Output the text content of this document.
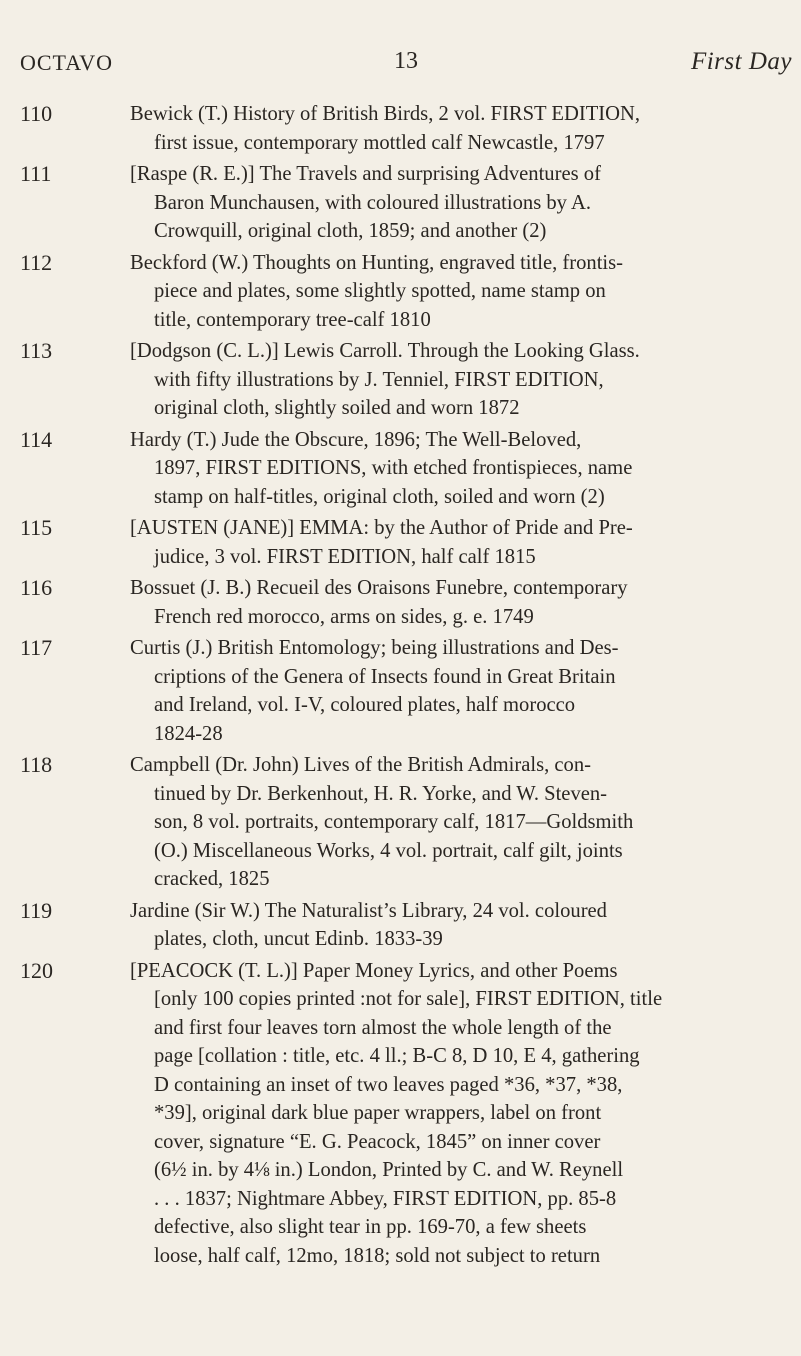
OCTAVO	13	First Day
110	Bewick (T.) History of British Birds, 2 vol. FIRST EDITION,
first issue, contemporary mottled calf Newcastle, 1797
111	[Raspe (R. E.)] The Travels and surprising Adventures of
Baron Munchausen, with coloured illustrations by A.
Crowquill, original cloth, 1859; and another (2)
112	Beckford (W.) Thoughts on Hunting, engraved title, frontis-
piece and plates, some slightly spotted, name stamp on
title, contemporary tree-calf 1810
113	[Dodgson (C. L.)] Lewis Carroll. Through the Looking Glass.
with fifty illustrations by J. Tenniel, FIRST EDITION,
original cloth, slightly soiled and worn 1872
114	Hardy (T.) Jude the Obscure, 1896; The Well-Beloved,
1897, FIRST EDITIONS, with etched frontispieces, name
stamp on half-titles, original cloth, soiled and worn (2)
115	[AUSTEN (JANE)] EMMA: by the Author of Pride and Pre-
judice, 3 vol. FIRST EDITION, half calf 1815
116	Bossuet (J. B.) Recueil des Oraisons Funebre, contemporary
French red morocco, arms on sides, g. e. 1749
117	Curtis (J.) British Entomology; being illustrations and Des-
criptions of the Genera of Insects found in Great Britain
and Ireland, vol. I-V, coloured plates, half morocco
1824-28
118	Campbell (Dr. John) Lives of the British Admirals, con-
tinued by Dr. Berkenhout, H. R. Yorke, and W. Steven-
son, 8 vol. portraits, contemporary calf, 1817—Goldsmith
(O.) Miscellaneous Works, 4 vol. portrait, calf gilt, joints
cracked, 1825
119	Jardine (Sir W.) The Naturalist’s Library, 24 vol. coloured
plates, cloth, uncut Edinb. 1833-39
120	[PEACOCK (T. L.)] Paper Money Lyrics, and other Poems
[only 100 copies printed :not for sale], FIRST EDITION, title
and first four leaves torn almost the whole length of the
page [collation : title, etc. 4 ll.; B-C 8, D 10, E 4, gathering
D containing an inset of two leaves paged *36, *37, *38,
*39], original dark blue paper wrappers, label on front
cover, signature “E. G. Peacock, 1845” on inner cover
(6½ in. by 4⅛ in.) London, Printed by C. and W. Reynell
. . . 1837; Nightmare Abbey, FIRST EDITION, pp. 85-8
defective, also slight tear in pp. 169-70, a few sheets
loose, half calf, 12mo, 1818; sold not subject to return
